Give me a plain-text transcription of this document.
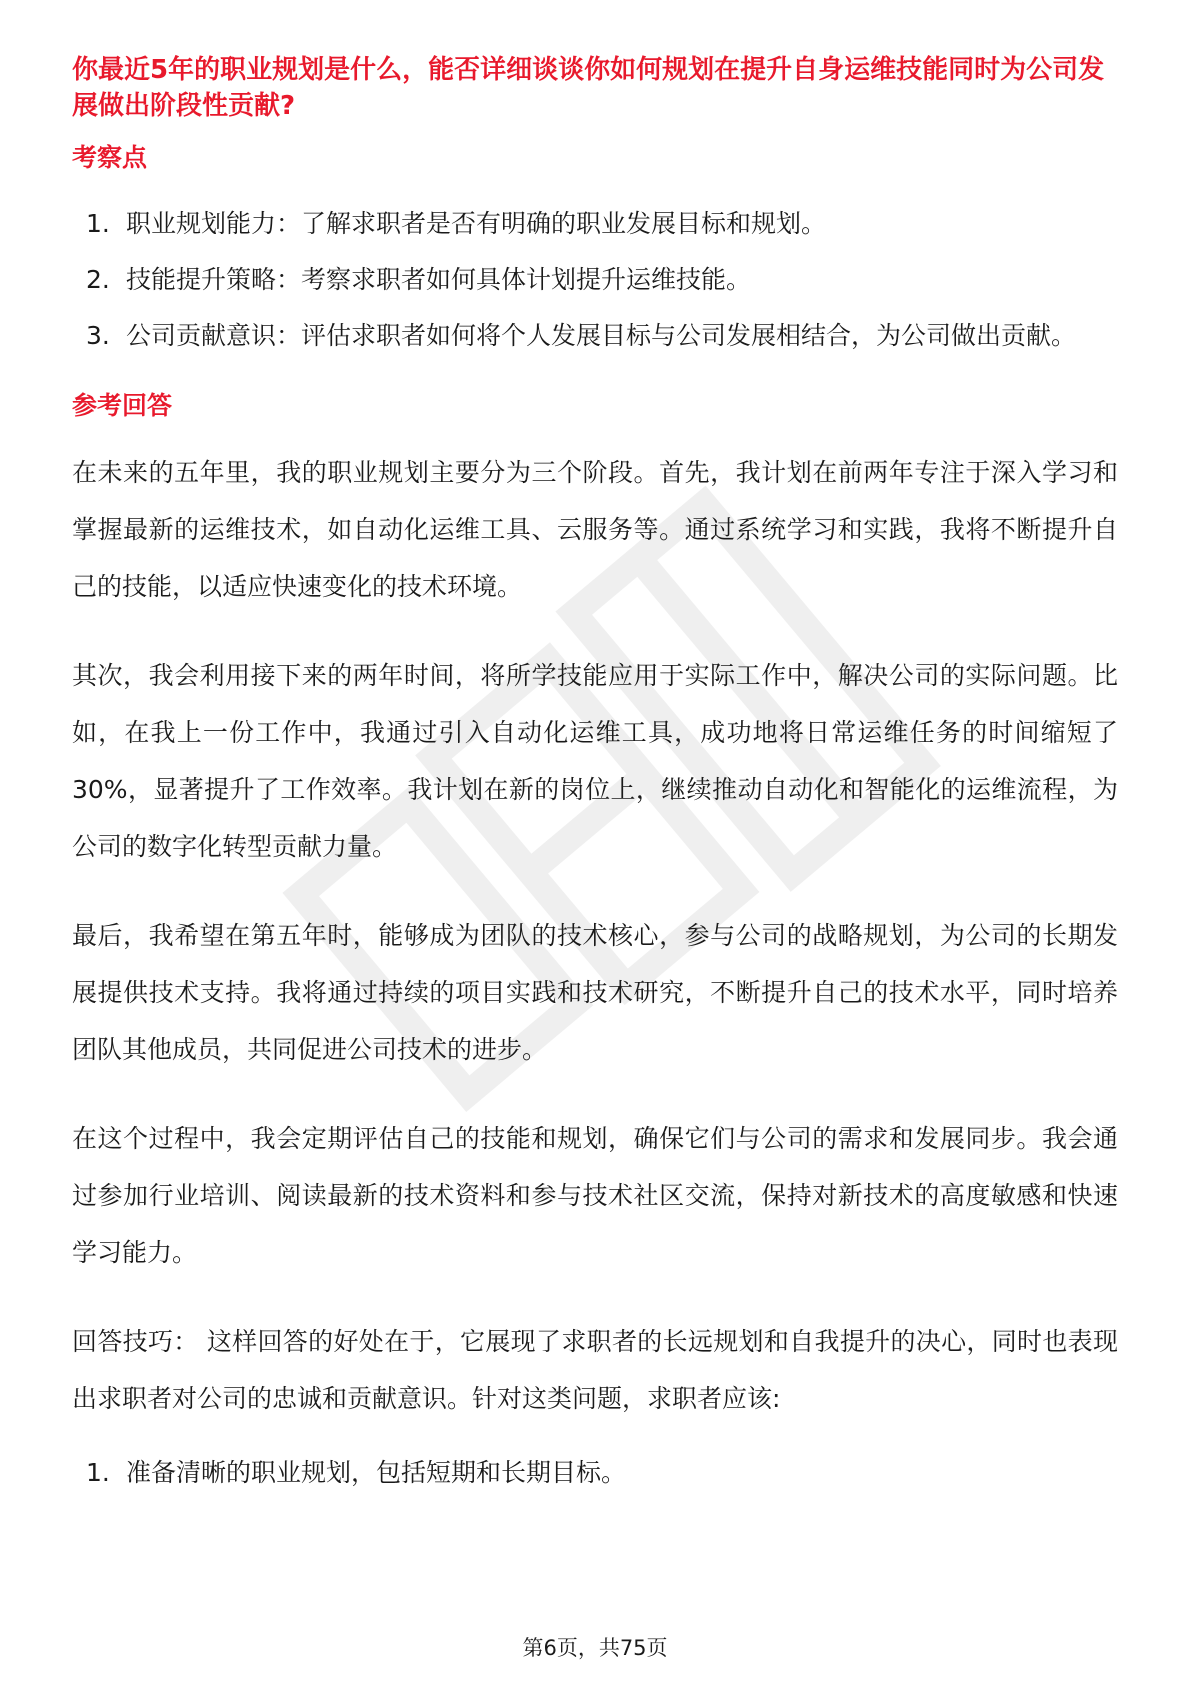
你最近5年的职业规划是什么，能否详细谈谈你如何规划在提升自身运维技能同时为公司发展做出阶段性贡献?
考察点
1. 职业规划能力：了解求职者是否有明确的职业发展目标和规划。
2. 技能提升策略：考察求职者如何具体计划提升运维技能。
3. 公司贡献意识：评估求职者如何将个人发展目标与公司发展相结合，为公司做出贡献。
参考回答

在未来的五年里，我的职业规划主要分为三个阶段。首先，我计划在前两年专注于深入学习和掌握最新的运维技术，如自动化运维工具、云服务等。通过系统学习和实践，我将不断提升自己的技能，以适应快速变化的技术环境。

其次，我会利用接下来的两年时间，将所学技能应用于实际工作中，解决公司的实际问题。比如，在我上一份工作中，我通过引入自动化运维工具，成功地将日常运维任务的时间缩短了30%，显著提升了工作效率。我计划在新的岗位上，继续推动自动化和智能化的运维流程，为公司的数字化转型贡献力量。

最后，我希望在第五年时，能够成为团队的技术核心，参与公司的战略规划，为公司的长期发展提供技术支持。我将通过持续的项目实践和技术研究，不断提升自己的技术水平，同时培养团队其他成员，共同促进公司技术的进步。

在这个过程中，我会定期评估自己的技能和规划，确保它们与公司的需求和发展同步。我会通过参加行业培训、阅读最新的技术资料和参与技术社区交流，保持对新技术的高度敏感和快速学习能力。

回答技巧： 这样回答的好处在于，它展现了求职者的长远规划和自我提升的决心，同时也表现出求职者对公司的忠诚和贡献意识。针对这类问题，求职者应该:

1. 准备清晰的职业规划，包括短期和长期目标。
第6页，共75页
